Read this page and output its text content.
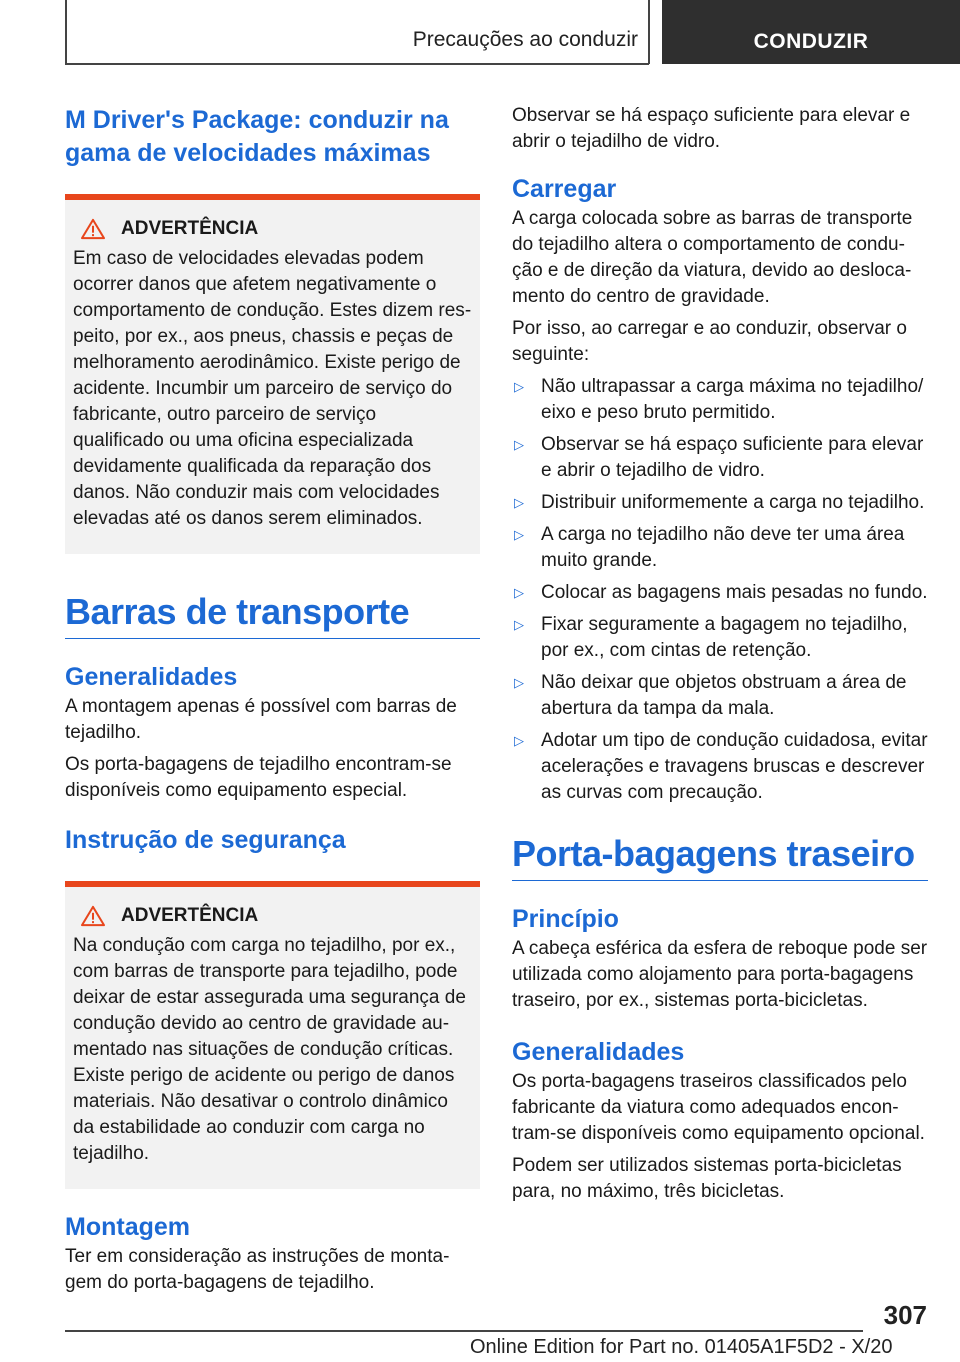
Precauções ao conduzir	CONDUZIR
M Driver's Package: conduzir na gama de velocidades máximas
ADVERTÊNCIA

Em caso de velocidades elevadas podem ocorrer danos que afetem negativamente o comportamento de condução. Estes dizem respeito, por ex., aos pneus, chassis e peças de melhoramento aerodinâmico. Existe perigo de acidente. Incumbir um parceiro de serviço do fabricante, outro parceiro de serviço qualificado ou uma oficina especializada devidamente qualificada da reparação dos danos. Não conduzir mais com velocidades elevadas até os danos serem eliminados.

Barras de transporte
Generalidades

A montagem apenas é possível com barras de tejadilho.

Os porta-bagagens de tejadilho encontram-se disponíveis como equipamento especial.

Instrução de segurança
ADVERTÊNCIA

Na condução com carga no tejadilho, por ex., com barras de transporte para tejadilho, pode deixar de estar assegurada uma segurança de condução devido ao centro de gravidade aumentado nas situações de condução críticas. Existe perigo de acidente ou perigo de danos materiais. Não desativar o controlo dinâmico da estabilidade ao conduzir com carga no tejadilho.

Montagem

Ter em consideração as instruções de montagem do porta-bagagens de tejadilho.

Observar se há espaço suficiente para elevar e abrir o tejadilho de vidro.

Carregar

A carga colocada sobre as barras de transporte do tejadilho altera o comportamento de condução e de direção da viatura, devido ao deslocamento do centro de gravidade.

Por isso, ao carregar e ao conduzir, observar o seguinte:

▷ Não ultrapassar a carga máxima no tejadilho/ eixo e peso bruto permitido.
▷ Observar se há espaço suficiente para elevar e abrir o tejadilho de vidro.
▷ Distribuir uniformemente a carga no tejadilho.
▷ A carga no tejadilho não deve ter uma área muito grande.
▷ Colocar as bagagens mais pesadas no fundo.
▷ Fixar seguramente a bagagem no tejadilho, por ex., com cintas de retenção.
▷ Não deixar que objetos obstruam a área de abertura da tampa da mala.
▷ Adotar um tipo de condução cuidadosa, evitar acelerações e travagens bruscas e descrever as curvas com precaução.
Porta-bagagens traseiro
Princípio

A cabeça esférica da esfera de reboque pode ser utilizada como alojamento para porta-bagagens traseiro, por ex., sistemas porta-bicicletas.

Generalidades

Os porta-bagagens traseiros classificados pelo fabricante da viatura como adequados encontram-se disponíveis como equipamento opcional.

Podem ser utilizados sistemas porta-bicicletas para, no máximo, três bicicletas.

307
Online Edition for Part no. 01405A1F5D2 - X/20
